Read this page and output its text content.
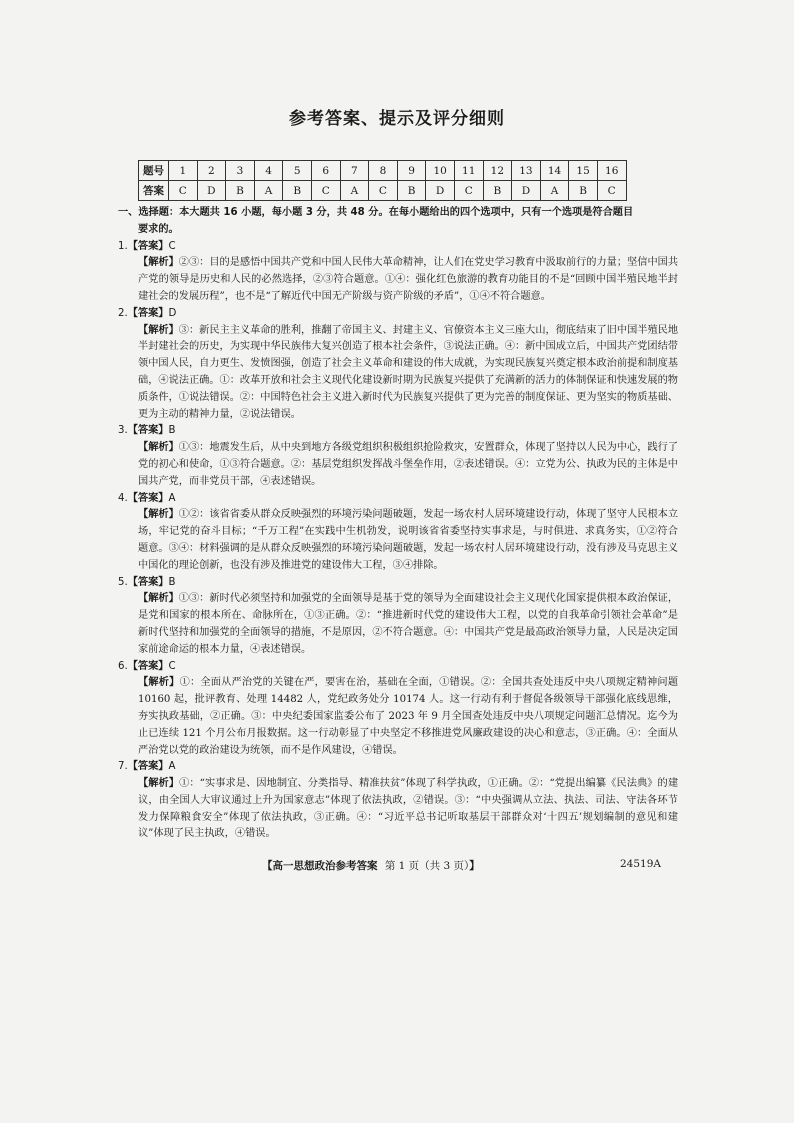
参考答案、提示及评分细则
题号	1	2	3	4	5	6	7	8	9	10	11	12	13	14	15	16
答案	C	D	B	A	B	C	A	C	B	D	C	B	D	A	B	C
一、选择题：本大题共 16 小题，每小题 3 分，共 48 分。在每小题给出的四个选项中，只有一个选项是符合题目
要求的。
1.【答案】C
【解析】②③：目的是感悟中国共产党和中国人民伟大革命精神，让人们在党史学习教育中汲取前行的力量；坚信中国共产党的领导是历史和人民的必然选择，②③符合题意。①④：强化红色旅游的教育功能目的不是“回顾中国半殖民地半封建社会的发展历程”，也不是“了解近代中国无产阶级与资产阶级的矛盾”，①④不符合题意。
2.【答案】D
【解析】③：新民主主义革命的胜利，推翻了帝国主义、封建主义、官僚资本主义三座大山，彻底结束了旧中国半殖民地半封建社会的历史，为实现中华民族伟大复兴创造了根本社会条件，③说法正确。④：新中国成立后，中国共产党团结带领中国人民，自力更生、发愤图强，创造了社会主义革命和建设的伟大成就，为实现民族复兴奠定根本政治前提和制度基础，④说法正确。①：改革开放和社会主义现代化建设新时期为民族复兴提供了充满新的活力的体制保证和快速发展的物质条件，①说法错误。②：中国特色社会主义进入新时代为民族复兴提供了更为完善的制度保证、更为坚实的物质基础、更为主动的精神力量，②说法错误。
3.【答案】B
【解析】①③：地震发生后，从中央到地方各级党组织积极组织抢险救灾，安置群众，体现了坚持以人民为中心，践行了党的初心和使命，①③符合题意。②：基层党组织发挥战斗堡垒作用，②表述错误。④：立党为公、执政为民的主体是中国共产党，而非党员干部，④表述错误。
4.【答案】A
【解析】①②：该省省委从群众反映强烈的环境污染问题破题，发起一场农村人居环境建设行动，体现了坚守人民根本立场，牢记党的奋斗目标；“千万工程”在实践中生机勃发，说明该省省委坚持实事求是，与时俱进、求真务实，①②符合题意。③④：材料强调的是从群众反映强烈的环境污染问题破题，发起一场农村人居环境建设行动，没有涉及马克思主义中国化的理论创新，也没有涉及推进党的建设伟大工程，③④排除。
5.【答案】B
【解析】①③：新时代必须坚持和加强党的全面领导是基于党的领导为全面建设社会主义现代化国家提供根本政治保证，是党和国家的根本所在、命脉所在，①③正确。②：“推进新时代党的建设伟大工程，以党的自我革命引领社会革命”是新时代坚持和加强党的全面领导的措施，不是原因，②不符合题意。④：中国共产党是最高政治领导力量，人民是决定国家前途命运的根本力量，④表述错误。
6.【答案】C
【解析】①：全面从严治党的关键在严，要害在治，基础在全面，①错误。②：全国共查处违反中央八项规定精神问题 10160 起，批评教育、处理 14482 人，党纪政务处分 10174 人。这一行动有利于督促各级领导干部强化底线思维，夯实执政基础，②正确。③：中央纪委国家监委公布了 2023 年 9 月全国查处违反中央八项规定问题汇总情况。迄今为止已连续 121 个月公布月报数据。这一行动彰显了中央坚定不移推进党风廉政建设的决心和意志，③正确。④：全面从严治党以党的政治建设为统领，而不是作风建设，④错误。
7.【答案】A
【解析】①：“实事求是、因地制宜、分类指导、精准扶贫”体现了科学执政，①正确。②：“党提出编纂《民法典》的建议，由全国人大审议通过上升为国家意志”体现了依法执政，②错误。③：“中央强调从立法、执法、司法、守法各环节发力保障粮食安全”体现了依法执政，③正确。④：“习近平总书记听取基层干部群众对‘十四五’规划编制的意见和建议”体现了民主执政，④错误。
【高一思想政治参考答案 第 1 页（共 3 页）】	24519A
